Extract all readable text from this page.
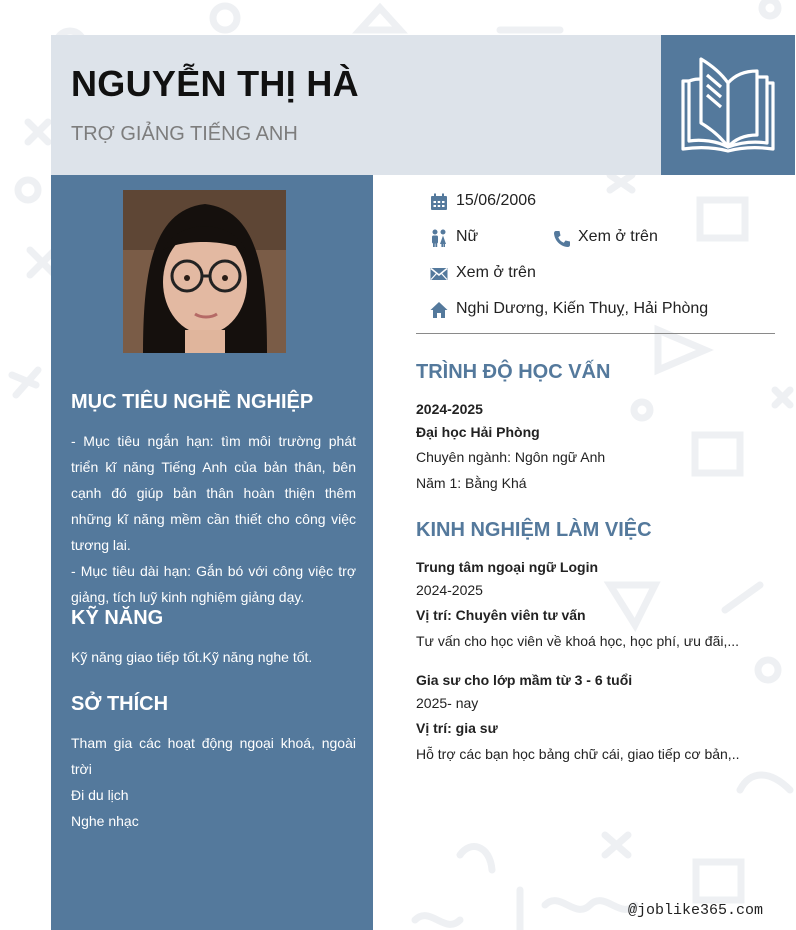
NGUYỄN THỊ HÀ
TRỢ GIẢNG TIẾNG ANH
MỤC TIÊU NGHỀ NGHIỆP
- Mục tiêu ngắn hạn: tìm môi trường phát triển kĩ năng Tiếng Anh của bản thân, bên cạnh đó giúp bản thân hoàn thiện thêm những kĩ năng mềm cần thiết cho công việc tương lai.
- Mục tiêu dài hạn: Gắn bó với công việc trợ giảng, tích luỹ kinh nghiệm giảng dạy.
KỸ NĂNG
Kỹ năng giao tiếp tốt.Kỹ năng nghe tốt.
SỞ THÍCH
Tham gia các hoạt động ngoại khoá, ngoài trời
Đi du lịch
Nghe nhạc
15/06/2006
Nữ	Xem ở trên
Xem ở trên
Nghi Dương, Kiến Thuỵ, Hải Phòng
TRÌNH ĐỘ HỌC VẤN
2024-2025
Đại học Hải Phòng
Chuyên ngành: Ngôn ngữ Anh
Năm 1: Bằng Khá
KINH NGHIỆM LÀM VIỆC
Trung tâm ngoại ngữ Login
2024-2025
Vị trí: Chuyên viên tư vấn
Tư vấn cho học viên về khoá học, học phí, ưu đãi,...
Gia sư cho lớp mầm từ 3 - 6 tuổi
2025- nay
Vị trí: gia sư
Hỗ trợ các bạn học bảng chữ cái, giao tiếp cơ bản,..
@joblike365.com
